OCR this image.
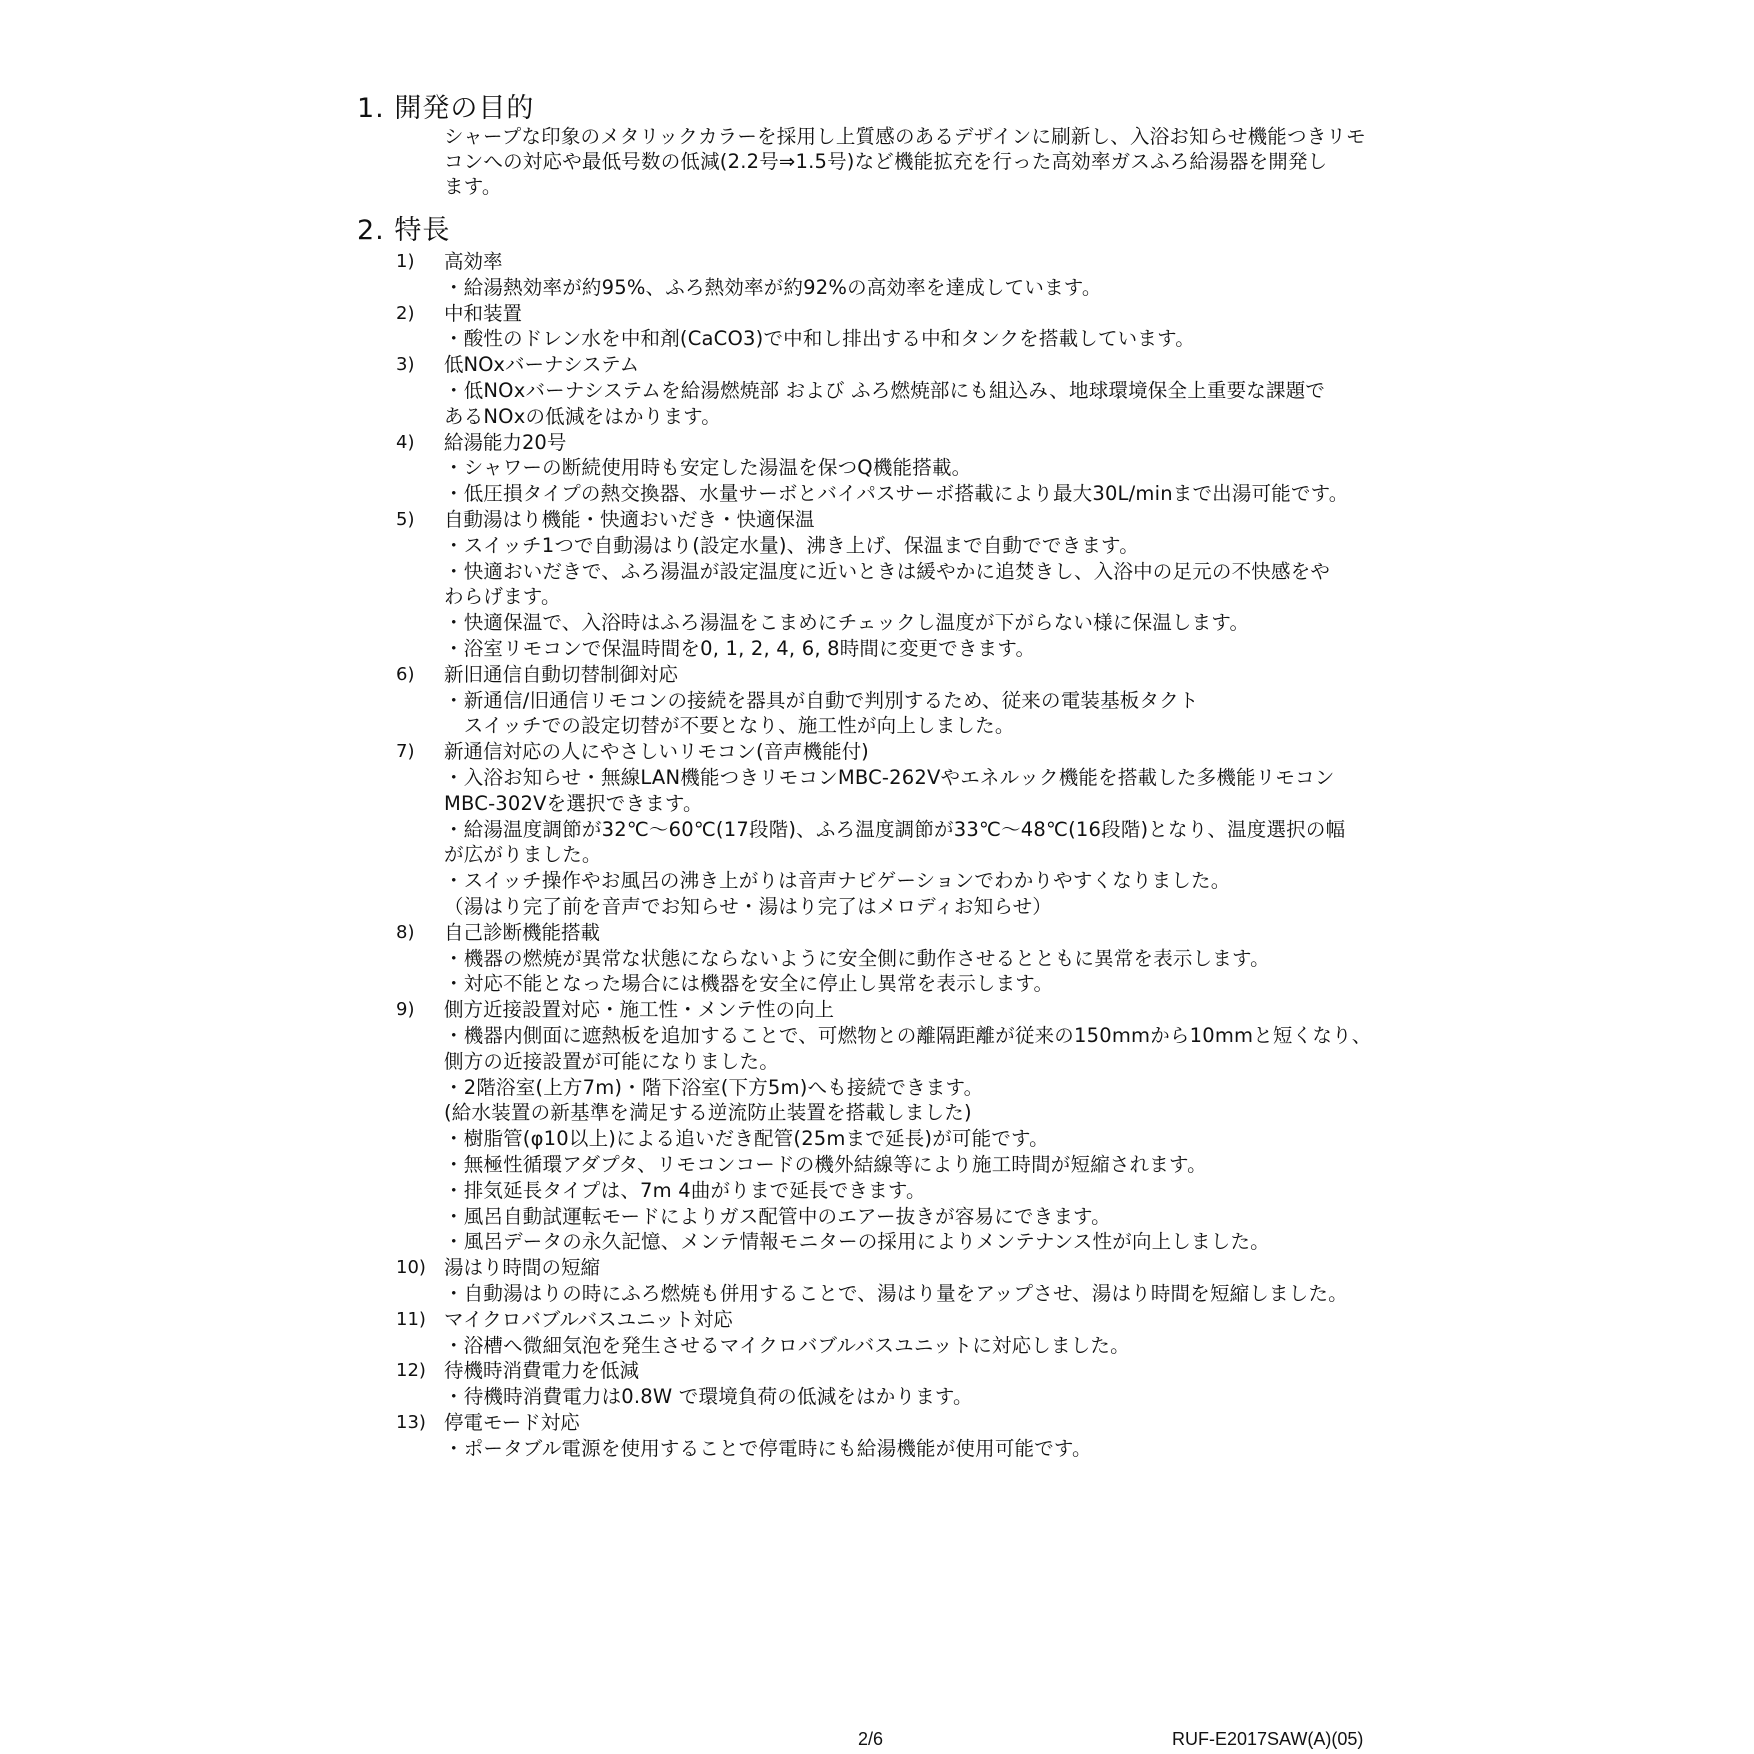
1. 開発の目的
シャープな印象のメタリックカラーを採用し上質感のあるデザインに刷新し、入浴お知らせ機能つきリモ
コンへの対応や最低号数の低減(2.2号⇒1.5号)など機能拡充を行った高効率ガスふろ給湯器を開発し
ます。
2. 特長
1) 高効率
・給湯熱効率が約95%、ふろ熱効率が約92%の高効率を達成しています。
2) 中和装置
・酸性のドレン水を中和剤(CaCO3)で中和し排出する中和タンクを搭載しています。
3) 低NOxバーナシステム
・低NOxバーナシステムを給湯燃焼部 および ふろ燃焼部にも組込み、地球環境保全上重要な課題で
あるNOxの低減をはかります。
4) 給湯能力20号
・シャワーの断続使用時も安定した湯温を保つQ機能搭載。
・低圧損タイプの熱交換器、水量サーボとバイパスサーボ搭載により最大30L/minまで出湯可能です。
5) 自動湯はり機能・快適おいだき・快適保温
・スイッチ1つで自動湯はり(設定水量)、沸き上げ、保温まで自動でできます。
・快適おいだきで、ふろ湯温が設定温度に近いときは緩やかに追焚きし、入浴中の足元の不快感をや
わらげます。
・快適保温で、入浴時はふろ湯温をこまめにチェックし温度が下がらない様に保温します。
・浴室リモコンで保温時間を0, 1, 2, 4, 6, 8時間に変更できます。
6) 新旧通信自動切替制御対応
・新通信/旧通信リモコンの接続を器具が自動で判別するため、従来の電装基板タクト
　スイッチでの設定切替が不要となり、施工性が向上しました。
7) 新通信対応の人にやさしいリモコン(音声機能付)
・入浴お知らせ・無線LAN機能つきリモコンMBC-262Vやエネルック機能を搭載した多機能リモコン
MBC-302Vを選択できます。
・給湯温度調節が32℃～60℃(17段階)、ふろ温度調節が33℃～48℃(16段階)となり、温度選択の幅
が広がりました。
・スイッチ操作やお風呂の沸き上がりは音声ナビゲーションでわかりやすくなりました。
（湯はり完了前を音声でお知らせ・湯はり完了はメロディお知らせ）
8) 自己診断機能搭載
・機器の燃焼が異常な状態にならないように安全側に動作させるとともに異常を表示します。
・対応不能となった場合には機器を安全に停止し異常を表示します。
9) 側方近接設置対応・施工性・メンテ性の向上
・機器内側面に遮熱板を追加することで、可燃物との離隔距離が従来の150mmから10mmと短くなり、
側方の近接設置が可能になりました。
・2階浴室(上方7m)・階下浴室(下方5m)へも接続できます。
(給水装置の新基準を満足する逆流防止装置を搭載しました)
・樹脂管(φ10以上)による追いだき配管(25mまで延長)が可能です。
・無極性循環アダプタ、リモコンコードの機外結線等により施工時間が短縮されます。
・排気延長タイプは、7m 4曲がりまで延長できます。
・風呂自動試運転モードによりガス配管中のエアー抜きが容易にできます。
・風呂データの永久記憶、メンテ情報モニターの採用によりメンテナンス性が向上しました。
10) 湯はり時間の短縮
・自動湯はりの時にふろ燃焼も併用することで、湯はり量をアップさせ、湯はり時間を短縮しました。
11) マイクロバブルバスユニット対応
・浴槽へ微細気泡を発生させるマイクロバブルバスユニットに対応しました。
12) 待機時消費電力を低減
・待機時消費電力は0.8W で環境負荷の低減をはかります。
13) 停電モード対応
・ポータブル電源を使用することで停電時にも給湯機能が使用可能です。
2/6	RUF-E2017SAW(A)(05)
